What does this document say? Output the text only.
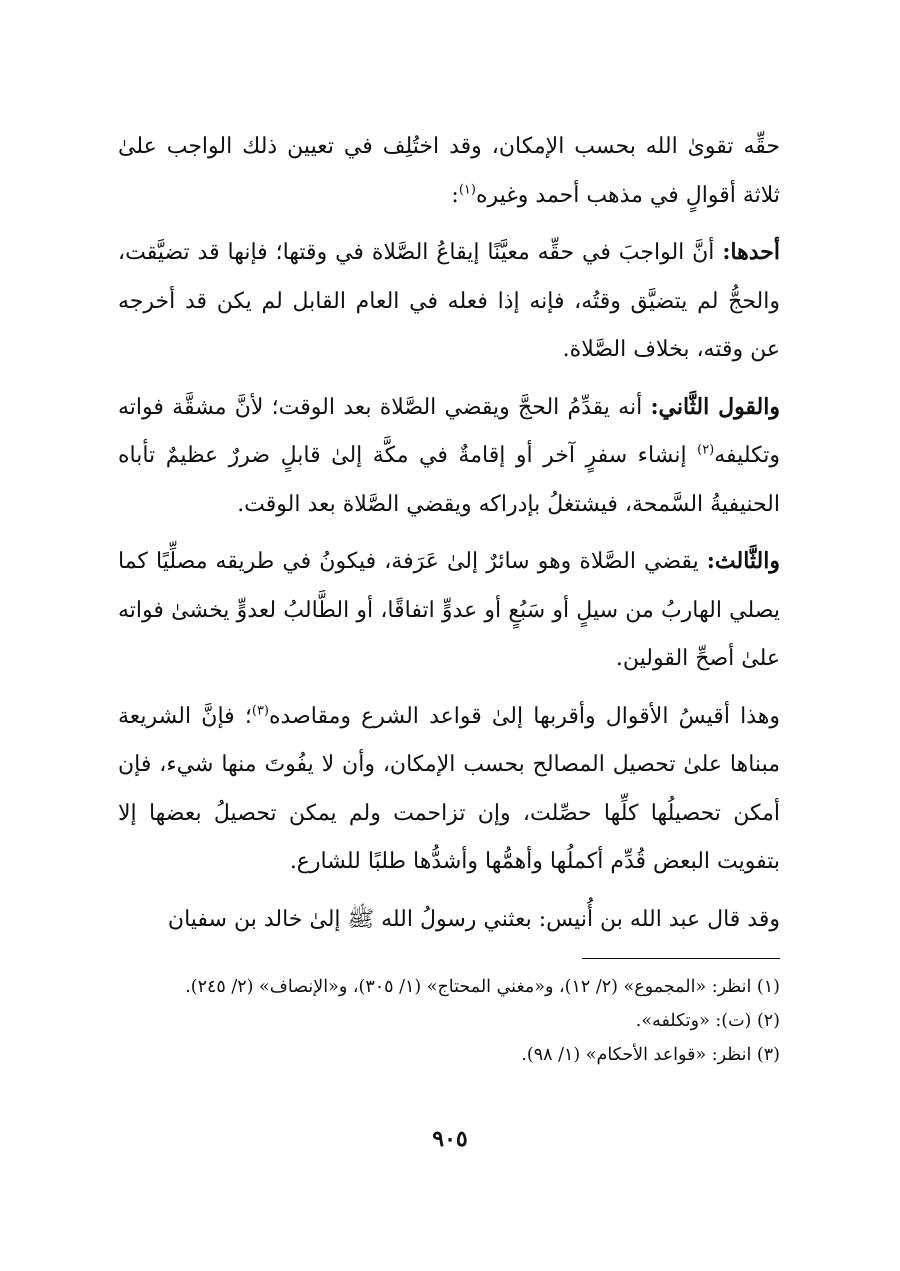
حقِّه تقوىٰ الله بحسب الإمكان، وقد اختُلِف في تعيين ذلك الواجب علىٰ ثلاثة أقوالٍ في مذهب أحمد وغيره$^{(١)}$:

أحدها: أنَّ الواجبَ في حقِّه معيَّنًا إيقاعُ الصَّلاة في وقتها؛ فإنها قد تضيَّقت، والحجُّ لم يتضيَّق وقتُه، فإنه إذا فعله في العام القابل لم يكن قد أخرجه عن وقته، بخلاف الصَّلاة.

والقول الثَّاني: أنه يقدِّمُ الحجَّ ويقضي الصَّلاة بعد الوقت؛ لأنَّ مشقَّة فواته وتكليفه$^{(٢)}$ إنشاء سفرٍ آخر أو إقامةٌ في مكَّة إلىٰ قابلٍ ضررٌ عظيمٌ تأباه الحنيفيةُ السَّمحة، فيشتغلُ بإدراكه ويقضي الصَّلاة بعد الوقت.

والثَّالث: يقضي الصَّلاة وهو سائرٌ إلىٰ عَرَفة، فيكونُ في طريقه مصلِّيًا كما يصلي الهاربُ من سيلٍ أو سَبُعٍ أو عدوٍّ اتفاقًا، أو الطَّالبُ لعدوٍّ يخشىٰ فواته علىٰ أصحِّ القولين.

وهذا أقيسُ الأقوال وأقربها إلىٰ قواعد الشرع ومقاصده$^{(٣)}$؛ فإنَّ الشريعة مبناها علىٰ تحصيل المصالح بحسب الإمكان، وأن لا يفُوتَ منها شيء، فإن أمكن تحصيلُها كلِّها حصِّلت، وإن تزاحمت ولم يمكن تحصيلُ بعضها إلا بتفويت البعض قُدِّم أكملُها وأهمُّها وأشدُّها طلبًا للشارع.

وقد قال عبد الله بن أُنيس: بعثني رسولُ الله ﷺ إلىٰ خالد بن سفيان

(١) انظر: «المجموع» (٢/ ١٢)، و«مغني المحتاج» (١/ ٣٠٥)، و«الإنصاف» (٢/ ٢٤٥).

(٢) (ت): «وتكلفه».

(٣) انظر: «قواعد الأحكام» (١/ ٩٨).

٩٠٥
